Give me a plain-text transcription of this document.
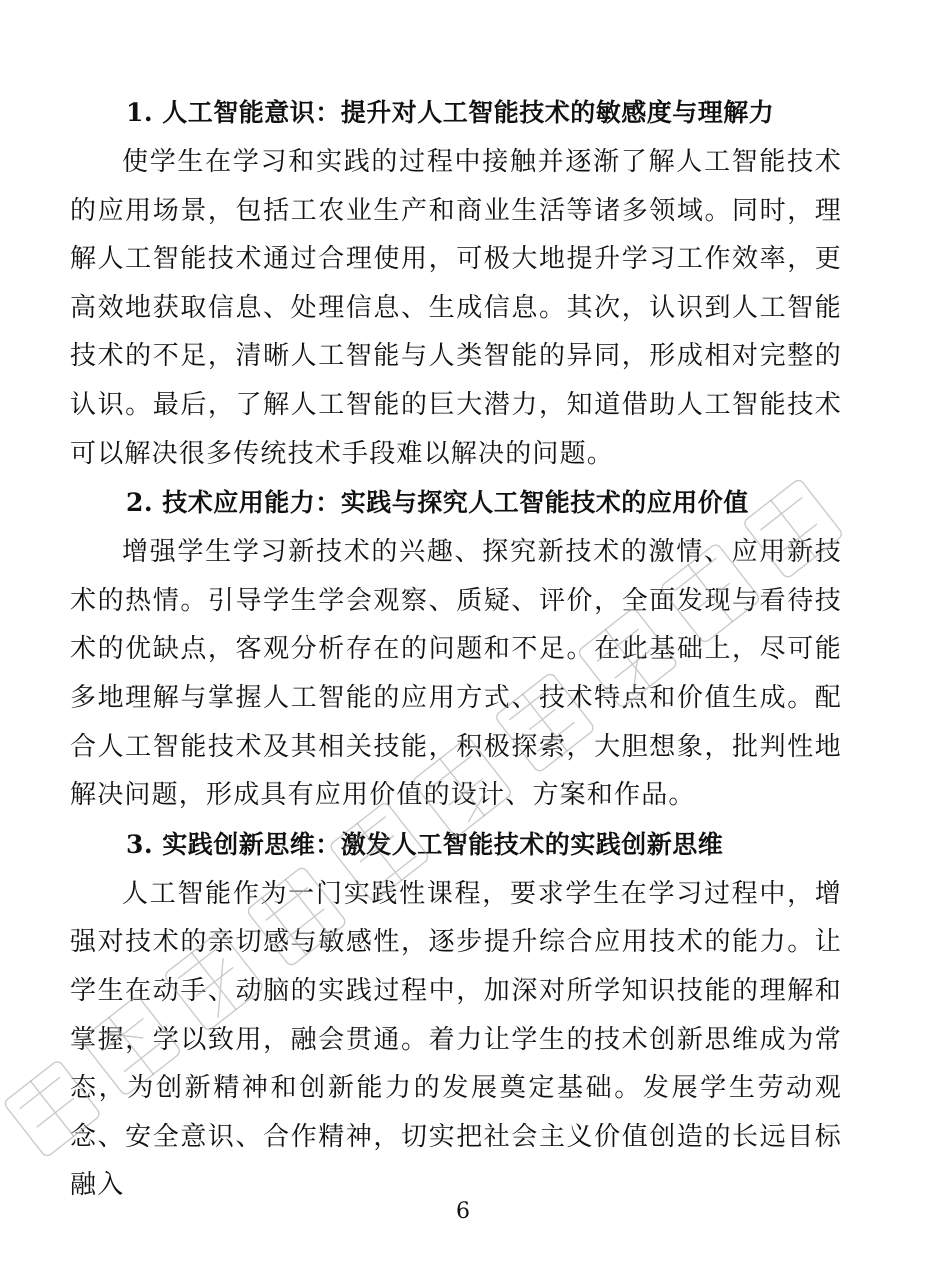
1. 人工智能意识：提升对人工智能技术的敏感度与理解力

使学生在学习和实践的过程中接触并逐渐了解人工智能技术的应用场景，包括工农业生产和商业生活等诸多领域。同时，理解人工智能技术通过合理使用，可极大地提升学习工作效率，更高效地获取信息、处理信息、生成信息。其次，认识到人工智能技术的不足，清晰人工智能与人类智能的异同，形成相对完整的认识。最后，了解人工智能的巨大潜力，知道借助人工智能技术可以解决很多传统技术手段难以解决的问题。

2. 技术应用能力：实践与探究人工智能技术的应用价值

增强学生学习新技术的兴趣、探究新技术的激情、应用新技术的热情。引导学生学会观察、质疑、评价，全面发现与看待技术的优缺点，客观分析存在的问题和不足。在此基础上，尽可能多地理解与掌握人工智能的应用方式、技术特点和价值生成。配合人工智能技术及其相关技能，积极探索，大胆想象，批判性地解决问题，形成具有应用价值的设计、方案和作品。

3. 实践创新思维：激发人工智能技术的实践创新思维

人工智能作为一门实践性课程，要求学生在学习过程中，增强对技术的亲切感与敏感性，逐步提升综合应用技术的能力。让学生在动手、动脑的实践过程中，加深对所学知识技能的理解和掌握，学以致用，融会贯通。着力让学生的技术创新思维成为常态，为创新精神和创新能力的发展奠定基础。发展学生劳动观念、安全意识、合作精神，切实把社会主义价值创造的长远目标融入

6
